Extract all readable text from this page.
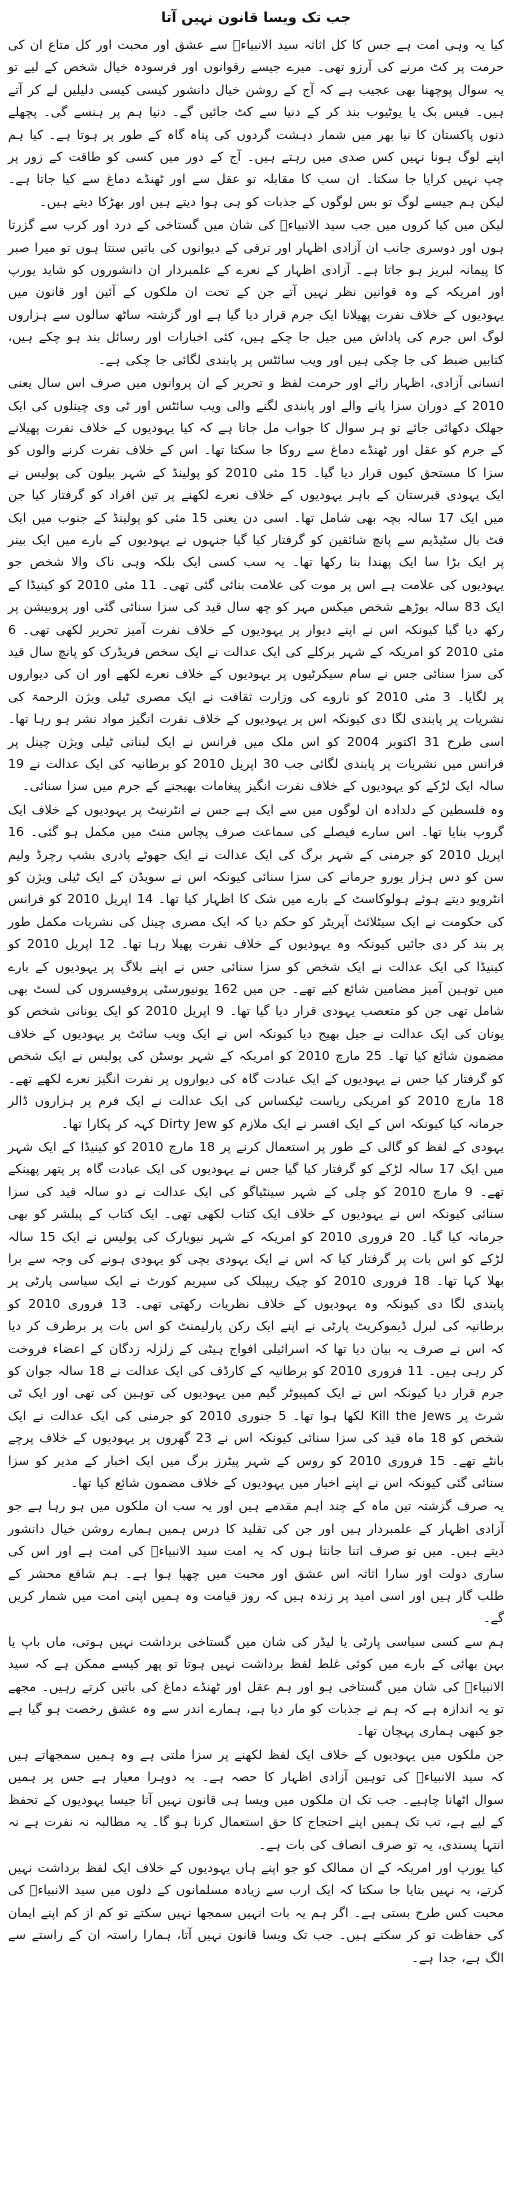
جب تک ویسا قانون نہیں آتا

کیا یہ وہی امت ہے جس کا کل اثاثہ سید الانبیاءؐ سے عشق اور محبت اور کل متاع ان کی حرمت پر کٹ مرنے کی آرزو تھی۔ میرے جیسے رقوانوں اور فرسودہ خیال شخص کے لیے تو یہ سوال پوچھنا بھی عجیب ہے کہ آج کے روشن خیال دانشور کیسی کیسی دلیلیں لے کر آتے ہیں۔ فیس بک یا یوٹیوب بند کر کے دنیا سے کٹ جائیں گے۔ دنیا ہم پر ہنسے گی۔ پچھلے دنوں پاکستان کا نیا بھر میں شمار دہشت گردوں کی پناہ گاہ کے طور پر ہوتا ہے۔ کیا ہم اپنے لوگ ہونا نہیں کس صدی میں رہتے ہیں۔ آج کے دور میں کسی کو طاقت کے زور پر چپ نہیں کرایا جا سکتا۔ ان سب کا مقابلہ تو عقل سے اور ٹھنڈے دماغ سے کیا جاتا ہے۔ لیکن ہم جیسے لوگ تو بس لوگوں کے جذبات کو ہی ہوا دیتے ہیں اور بھڑکا دیتے ہیں۔

لیکن میں کیا کروں میں جب سید الانبیاءؐ کی شان میں گستاخی کے درد اور کرب سے گزرتا ہوں اور دوسری جانب ان آزادی اظہار اور ترقی کے دیوانوں کی باتیں سنتا ہوں تو میرا صبر کا پیمانہ لبریز ہو جاتا ہے۔ آزادی اظہار کے نعرے کے علمبردار ان دانشوروں کو شاید یورپ اور امریکہ کے وہ قوانین نظر نہیں آتے جن کے تحت ان ملکوں کے آئین اور قانون میں یہودیوں کے خلاف نفرت پھیلانا ایک جرم قرار دیا گیا ہے اور گزشتہ ساٹھ سالوں سے ہزاروں لوگ اس جرم کی پاداش میں جیل جا چکے ہیں، کئی اخبارات اور رسائل بند ہو چکے ہیں، کتابیں ضبط کی جا چکی ہیں اور ویب سائٹس پر پابندی لگائی جا چکی ہے۔

انسانی آزادی، اظہار رائے اور حرمت لفظ و تحریر کے ان پروانوں میں صرف اس سال یعنی 2010 کے دوران سزا پانے والے اور پابندی لگنے والی ویب سائٹس اور ٹی وی چینلوں کی ایک جھلک دکھائی جائے تو ہر سوال کا جواب مل جاتا ہے کہ کیا یہودیوں کے خلاف نفرت پھیلانے کے جرم کو عقل اور ٹھنڈے دماغ سے روکا جا سکتا تھا۔ اس کے خلاف نفرت کرنے والوں کو سزا کا مستحق کیوں قرار دیا گیا۔ 15 مئی 2010 کو پولینڈ کے شہر بیلون کی پولیس نے ایک یہودی قبرستان کے باہر یہودیوں کے خلاف نعرے لکھنے پر تین افراد کو گرفتار کیا جن میں ایک 17 سالہ بچہ بھی شامل تھا۔ اسی دن یعنی 15 مئی کو پولینڈ کے جنوب میں ایک فٹ بال سٹیڈیم سے پانچ شائقین کو گرفتار کیا گیا جنہوں نے یہودیوں کے بارے میں ایک بینر پر ایک بڑا سا ایک پھندا بنا رکھا تھا۔ یہ سب کسی ایک بلکہ وہی ناک والا شخص جو یہودیوں کی علامت ہے اس پر موت کی علامت بنائی گئی تھی۔ 11 مئی 2010 کو کینیڈا کے ایک 83 سالہ بوڑھے شخص میکس مہر کو چھ سال قید کی سزا سنائی گئی اور پروبیشن پر رکھ دیا گیا کیونکہ اس نے اپنے دیوار پر یہودیوں کے خلاف نفرت آمیز تحریر لکھی تھی۔ 6 مئی 2010 کو امریکہ کے شہر برکلے کی ایک عدالت نے ایک سخص فریڈرک کو پانچ سال قید کی سزا سنائی جس نے سام سیکرٹیوں پر یہودیوں کے خلاف نعرے لکھے اور ان کی دیواروں پر لگایا۔ 3 مئی 2010 کو ناروے کی وزارت ثقافت نے ایک مصری ٹیلی ویژن الرحمۃ کی نشریات پر پابندی لگا دی کیونکہ اس پر یہودیوں کے خلاف نفرت انگیز مواد نشر ہو رہا تھا۔ اسی طرح 31 اکتوبر 2004 کو اس ملک میں فرانس نے ایک لبنانی ٹیلی ویژن چینل پر فرانس میں نشریات پر پابندی لگائی جب 30 اپریل 2010 کو برطانیہ کی ایک عدالت نے 19 سالہ ایک لڑکے کو یہودیوں کے خلاف نفرت انگیز پیغامات بھیجنے کے جرم میں سزا سنائی۔

وہ فلسطین کے دلدادہ ان لوگوں میں سے ایک ہے جس نے انٹرنیٹ پر یہودیوں کے خلاف ایک گروپ بنایا تھا۔ اس سارے فیصلے کی سماعت صرف پچاس منٹ میں مکمل ہو گئی۔ 16 اپریل 2010 کو جرمنی کے شہر برگ کی ایک عدالت نے ایک جھوٹے پادری بشپ رچرڈ ولیم سن کو دس ہزار یورو جرمانے کی سزا سنائی کیونکہ اس نے سویڈن کے ایک ٹیلی ویژن کو انٹرویو دیتے ہوئے ہولوکاسٹ کے بارے میں شک کا اظہار کیا تھا۔ 14 اپریل 2010 کو فرانس کی حکومت نے ایک سیٹلائٹ آپریٹر کو حکم دیا کہ ایک مصری چینل کی نشریات مکمل طور پر بند کر دی جائیں کیونکہ وہ یہودیوں کے خلاف نفرت پھیلا رہا تھا۔ 12 اپریل 2010 کو کینیڈا کی ایک عدالت نے ایک شخص کو سزا سنائی جس نے اپنے بلاگ پر یہودیوں کے بارے میں توہین آمیز مضامین شائع کیے تھے۔ جن میں 162 یونیورسٹی پروفیسروں کی لسٹ بھی شامل تھی جن کو متعصب یہودی قرار دیا گیا تھا۔ 9 اپریل 2010 کو ایک یونانی شخص کو یونان کی ایک عدالت نے جیل بھیج دیا کیونکہ اس نے ایک ویب سائٹ پر یہودیوں کے خلاف مضمون شائع کیا تھا۔ 25 مارچ 2010 کو امریکہ کے شہر بوسٹن کی پولیس نے ایک شخص کو گرفتار کیا جس نے یہودیوں کے ایک عبادت گاہ کی دیواروں پر نفرت انگیز نعرے لکھے تھے۔ 18 مارچ 2010 کو امریکی ریاست ٹیکساس کی ایک عدالت نے ایک فرم پر ہزاروں ڈالر جرمانہ کیا کیونکہ اس کے ایک افسر نے ایک ملازم کو Dirty Jew کہہ کر پکارا تھا۔

یہودی کے لفظ کو گالی کے طور پر استعمال کرنے پر 18 مارچ 2010 کو کینیڈا کے ایک شہر میں ایک 17 سالہ لڑکے کو گرفتار کیا گیا جس نے یہودیوں کی ایک عبادت گاہ پر پتھر پھینکے تھے۔ 9 مارچ 2010 کو چلی کے شہر سینٹیاگو کی ایک عدالت نے دو سالہ قید کی سزا سنائی کیونکہ اس نے یہودیوں کے خلاف ایک کتاب لکھی تھی۔ ایک کتاب کے پبلشر کو بھی جرمانہ کیا گیا۔ 20 فروری 2010 کو امریکہ کے شہر نیویارک کی پولیس نے ایک 15 سالہ لڑکے کو اس بات پر گرفتار کیا کہ اس نے ایک یہودی بچی کو یہودی ہونے کی وجہ سے برا بھلا کہا تھا۔ 18 فروری 2010 کو چیک ریپبلک کی سپریم کورٹ نے ایک سیاسی پارٹی پر پابندی لگا دی کیونکہ وہ یہودیوں کے خلاف نظریات رکھتی تھی۔ 13 فروری 2010 کو برطانیہ کی لبرل ڈیموکریٹ پارٹی نے اپنے ایک رکن پارلیمنٹ کو اس بات پر برطرف کر دیا کہ اس نے صرف یہ بیان دیا تھا کہ اسرائیلی افواج ہیٹی کے زلزلہ زدگان کے اعضاء فروخت کر رہی ہیں۔ 11 فروری 2010 کو برطانیہ کے کارڈف کی ایک عدالت نے 18 سالہ جوان کو جرم قرار دیا کیونکہ اس نے ایک کمپیوٹر گیم میں یہودیوں کی توہین کی تھی اور ایک ٹی شرٹ پر Kill the Jews لکھا ہوا تھا۔ 5 جنوری 2010 کو جرمنی کی ایک عدالت نے ایک شخص کو 18 ماہ قید کی سزا سنائی کیونکہ اس نے 23 گھروں پر یہودیوں کے خلاف پرچے بانٹے تھے۔ 15 فروری 2010 کو روس کے شہر پیٹرز برگ میں ایک اخبار کے مدیر کو سزا سنائی گئی کیونکہ اس نے اپنے اخبار میں یہودیوں کے خلاف مضمون شائع کیا تھا۔

یہ صرف گزشتہ تین ماہ کے چند اہم مقدمے ہیں اور یہ سب ان ملکوں میں ہو رہا ہے جو آزادی اظہار کے علمبردار ہیں اور جن کی تقلید کا درس ہمیں ہمارے روشن خیال دانشور دیتے ہیں۔ میں تو صرف اتنا جانتا ہوں کہ یہ امت سید الانبیاءؐ کی امت ہے اور اس کی ساری دولت اور سارا اثاثہ اس عشق اور محبت میں چھپا ہوا ہے۔ ہم شافع محشر کے طلب گار ہیں اور اسی امید پر زندہ ہیں کہ روز قیامت وہ ہمیں اپنی امت میں شمار کریں گے۔

ہم سے کسی سیاسی پارٹی یا لیڈر کی شان میں گستاخی برداشت نہیں ہوتی، ماں باپ یا بہن بھائی کے بارے میں کوئی غلط لفظ برداشت نہیں ہوتا تو پھر کیسے ممکن ہے کہ سید الانبیاءؐ کی شان میں گستاخی ہو اور ہم عقل اور ٹھنڈے دماغ کی باتیں کرتے رہیں۔ مجھے تو یہ اندازہ ہے کہ ہم نے جذبات کو مار دیا ہے، ہمارے اندر سے وہ عشق رخصت ہو گیا ہے جو کبھی ہماری پہچان تھا۔

جن ملکوں میں یہودیوں کے خلاف ایک لفظ لکھنے پر سزا ملتی ہے وہ ہمیں سمجھاتے ہیں کہ سید الانبیاءؐ کی توہین آزادی اظہار کا حصہ ہے۔ یہ دوہرا معیار ہے جس پر ہمیں سوال اٹھانا چاہیے۔ جب تک ان ملکوں میں ویسا ہی قانون نہیں آتا جیسا یہودیوں کے تحفظ کے لیے ہے، تب تک ہمیں اپنے احتجاج کا حق استعمال کرنا ہو گا۔ یہ مطالبہ نہ نفرت ہے نہ انتہا پسندی، یہ تو صرف انصاف کی بات ہے۔

کیا یورپ اور امریکہ کے ان ممالک کو جو اپنے ہاں یہودیوں کے خلاف ایک لفظ برداشت نہیں کرتے، یہ نہیں بتایا جا سکتا کہ ایک ارب سے زیادہ مسلمانوں کے دلوں میں سید الانبیاءؐ کی محبت کس طرح بستی ہے۔ اگر ہم یہ بات انہیں سمجھا نہیں سکتے تو کم از کم اپنے ایمان کی حفاظت تو کر سکتے ہیں۔ جب تک ویسا قانون نہیں آتا، ہمارا راستہ ان کے راستے سے الگ ہے، جدا ہے۔
